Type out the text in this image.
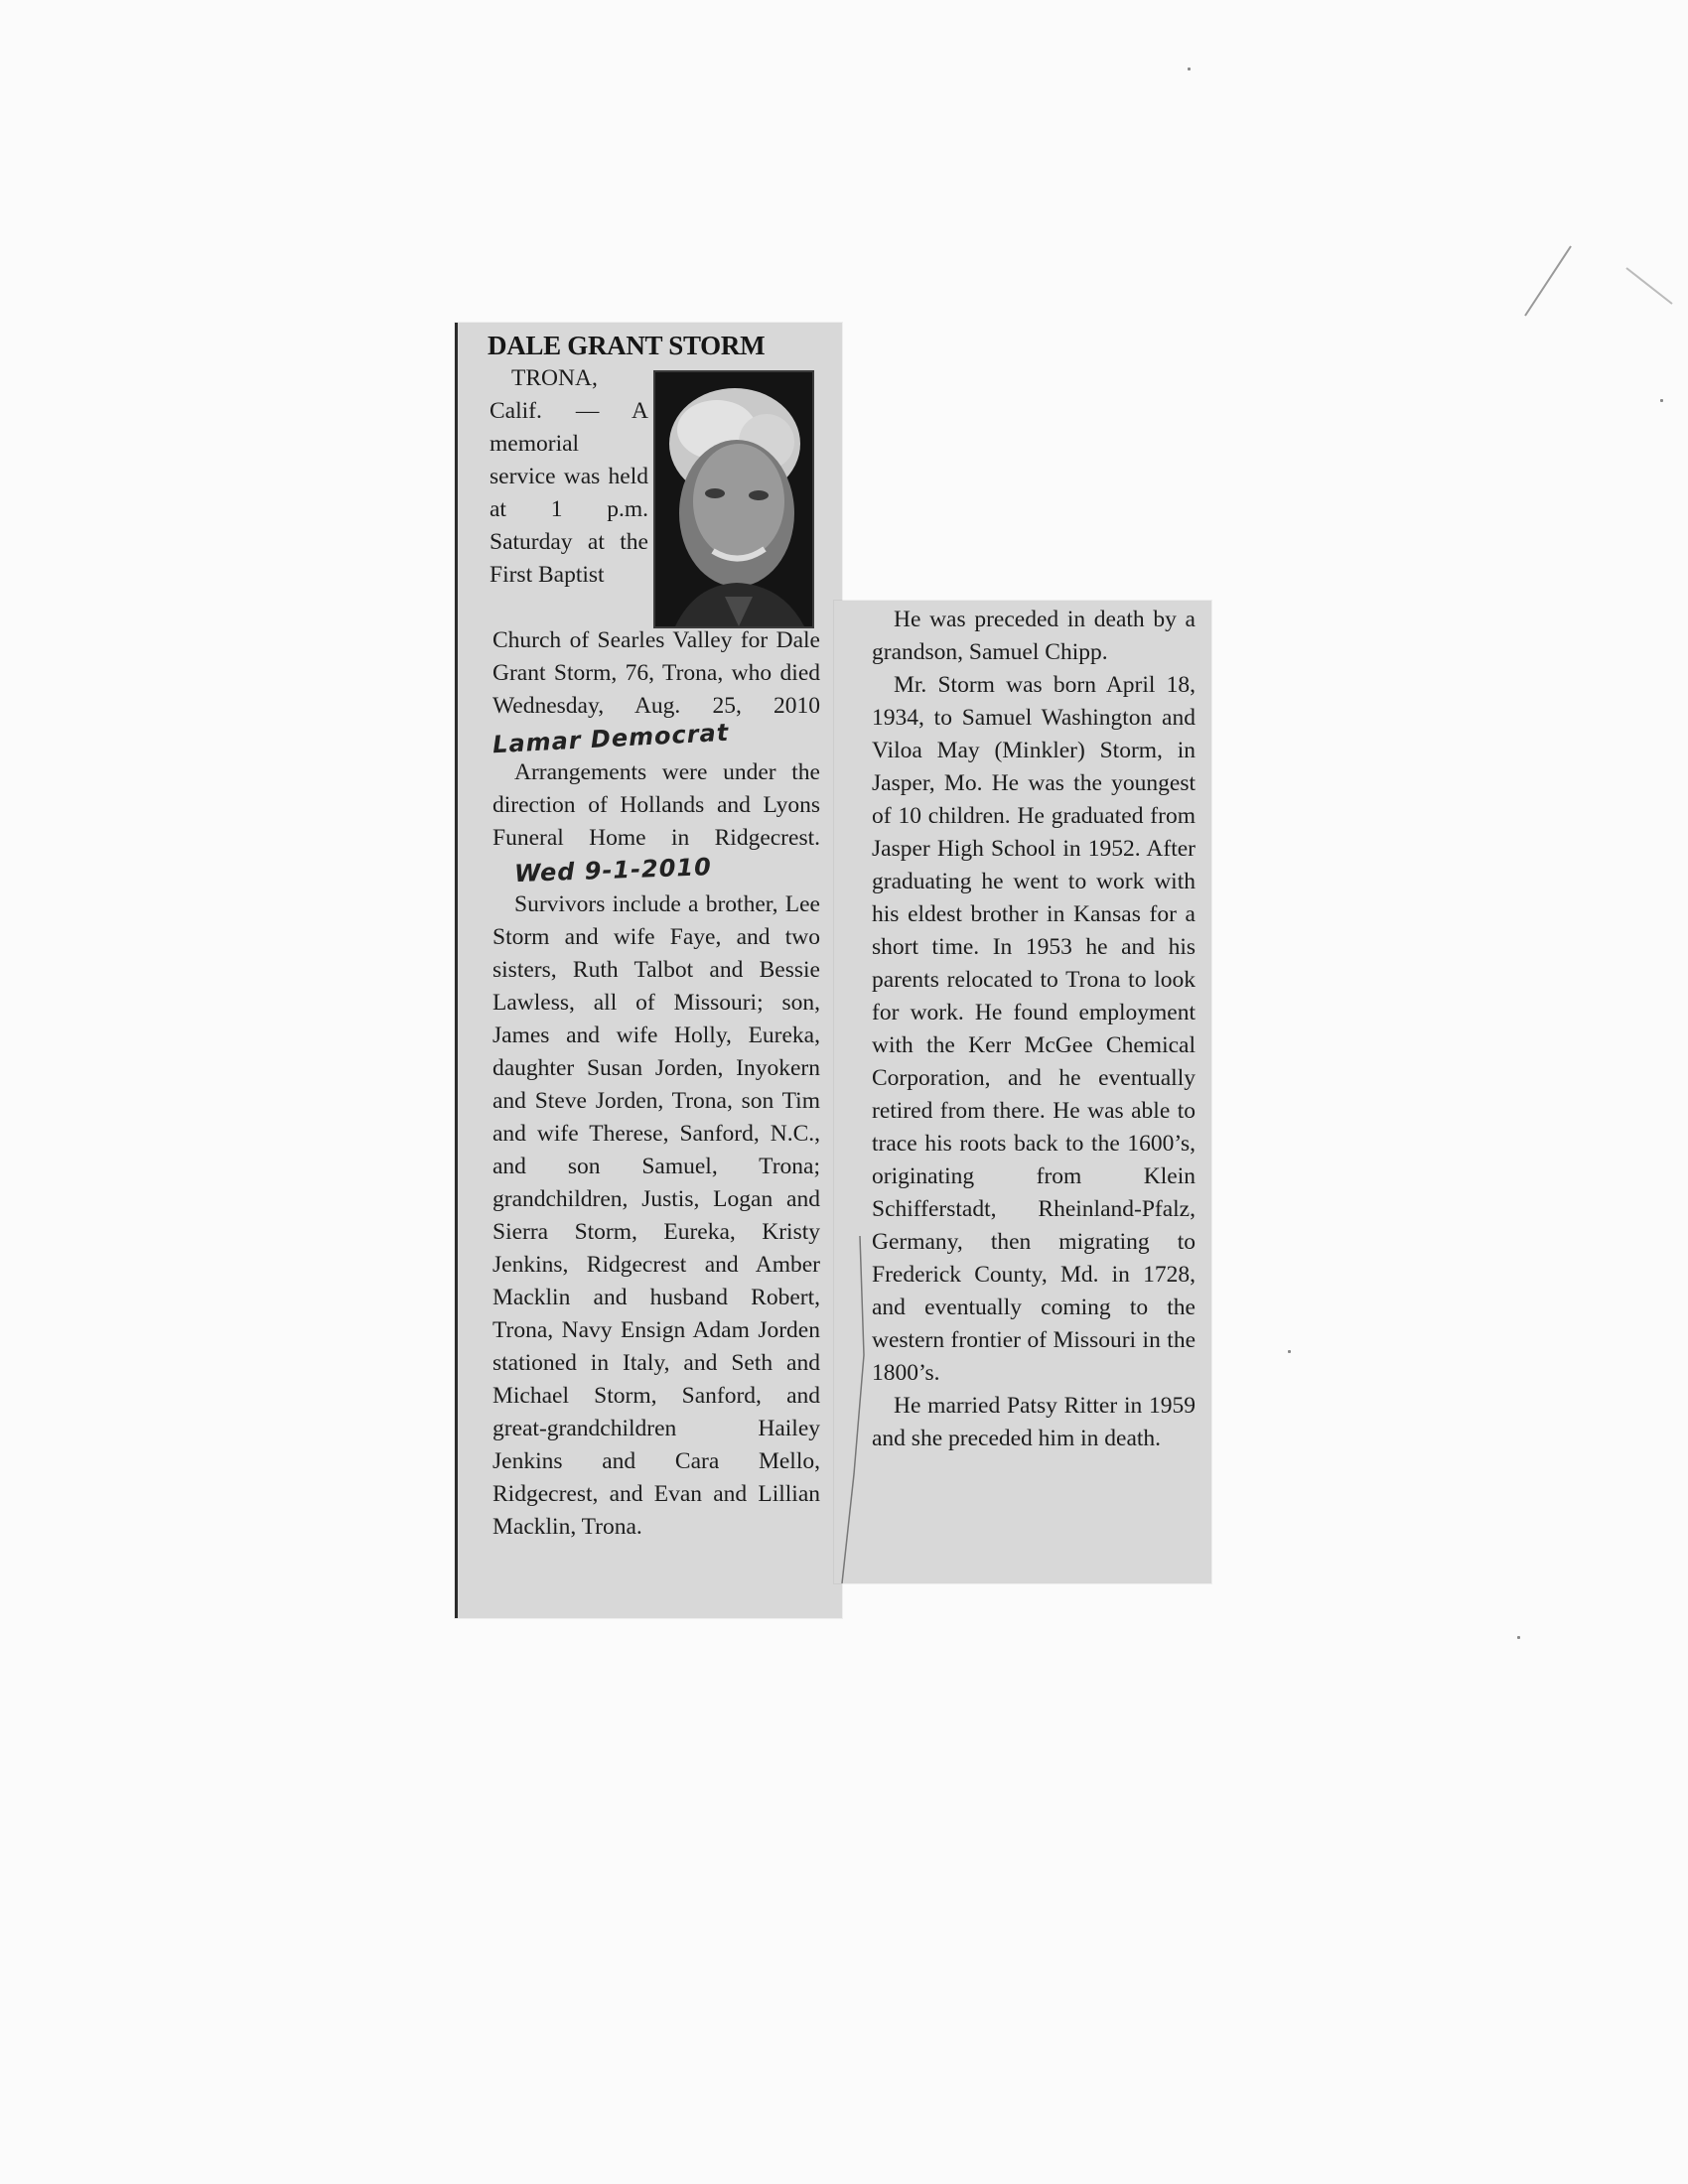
DALE GRANT STORM
TRONA, Calif. — A memorial service was held at 1 p.m. Saturday at the First Baptist

Church of Searles Valley for Dale Grant Storm, 76, Trona, who died Wednesday, Aug. 25, 2010Lamar Democrat

Arrangements were under the direction of Hollands and Lyons Funeral Home in Ridgecrest. Wed 9-1-2010

Survivors include a brother, Lee Storm and wife Faye, and two sisters, Ruth Talbot and Bessie Lawless, all of Missouri; son, James and wife Holly, Eureka, daughter Susan Jorden, Inyokern and Steve Jorden, Trona, son Tim and wife Therese, Sanford, N.C., and son Samuel, Trona; grandchildren, Justis, Logan and Sierra Storm, Eureka, Kristy Jenkins, Ridgecrest and Amber Macklin and husband Robert, Trona, Navy Ensign Adam Jorden stationed in Italy, and Seth and Michael Storm, Sanford, and great-grandchildren Hailey Jenkins and Cara Mello, Ridgecrest, and Evan and Lillian Macklin, Trona.

He was preceded in death by a grandson, Samuel Chipp.

Mr. Storm was born April 18, 1934, to Samuel Washington and Viloa May (Minkler) Storm, in Jasper, Mo. He was the youngest of 10 children. He graduated from Jasper High School in 1952. After graduating he went to work with his eldest brother in Kansas for a short time. In 1953 he and his parents relocated to Trona to look for work. He found employment with the Kerr McGee Chemical Corporation, and he eventually retired from there. He was able to trace his roots back to the 1600’s, originating from Klein Schifferstadt, Rheinland-Pfalz, Germany, then migrating to Frederick County, Md. in 1728, and eventually coming to the western frontier of Missouri in the 1800’s.

He married Patsy Ritter in 1959 and she preceded him in death.
